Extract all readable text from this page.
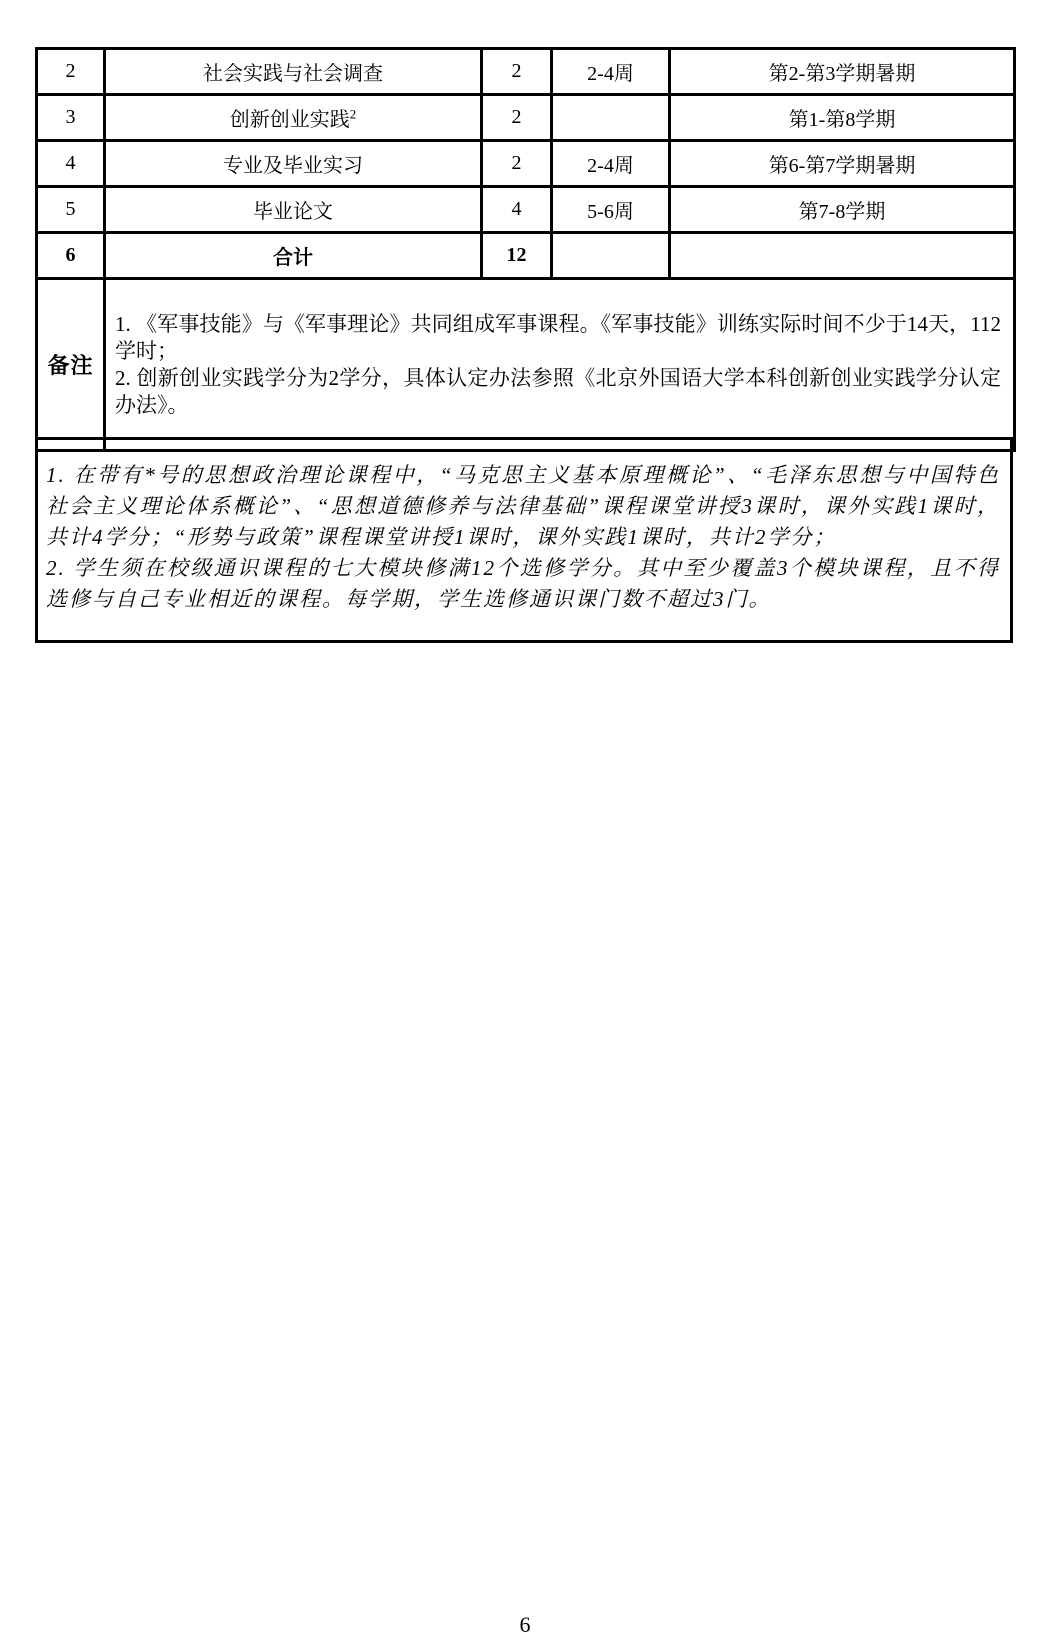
2	社会实践与社会调查	2	2-4周	第2-第3学期暑期
3	创新创业实践$^2$	2		第1-第8学期
4	专业及毕业实习	2	2-4周	第6-第7学期暑期
5	毕业论文	4	5-6周	第7-8学期
6	合计	12		
备注	1. 《军事技能》与《军事理论》共同组成军事课程。《军事技能》训练实际时间不少于14天，112学时；
2. 创新创业实践学分为2学分，具体认定办法参照《北京外国语大学本科创新创业实践学分认定办法》。			

1. 在带有*号的思想政治理论课程中，“马克思主义基本原理概论”、“毛泽东思想与中国特色社会主义理论体系概论”、“思想道德修养与法律基础”课程课堂讲授3课时，课外实践1课时，共计4学分；“形势与政策”课程课堂讲授1课时，课外实践1课时，共计2学分；

2. 学生须在校级通识课程的七大模块修满12个选修学分。其中至少覆盖3个模块课程，且不得选修与自己专业相近的课程。每学期，学生选修通识课门数不超过3门。

6
